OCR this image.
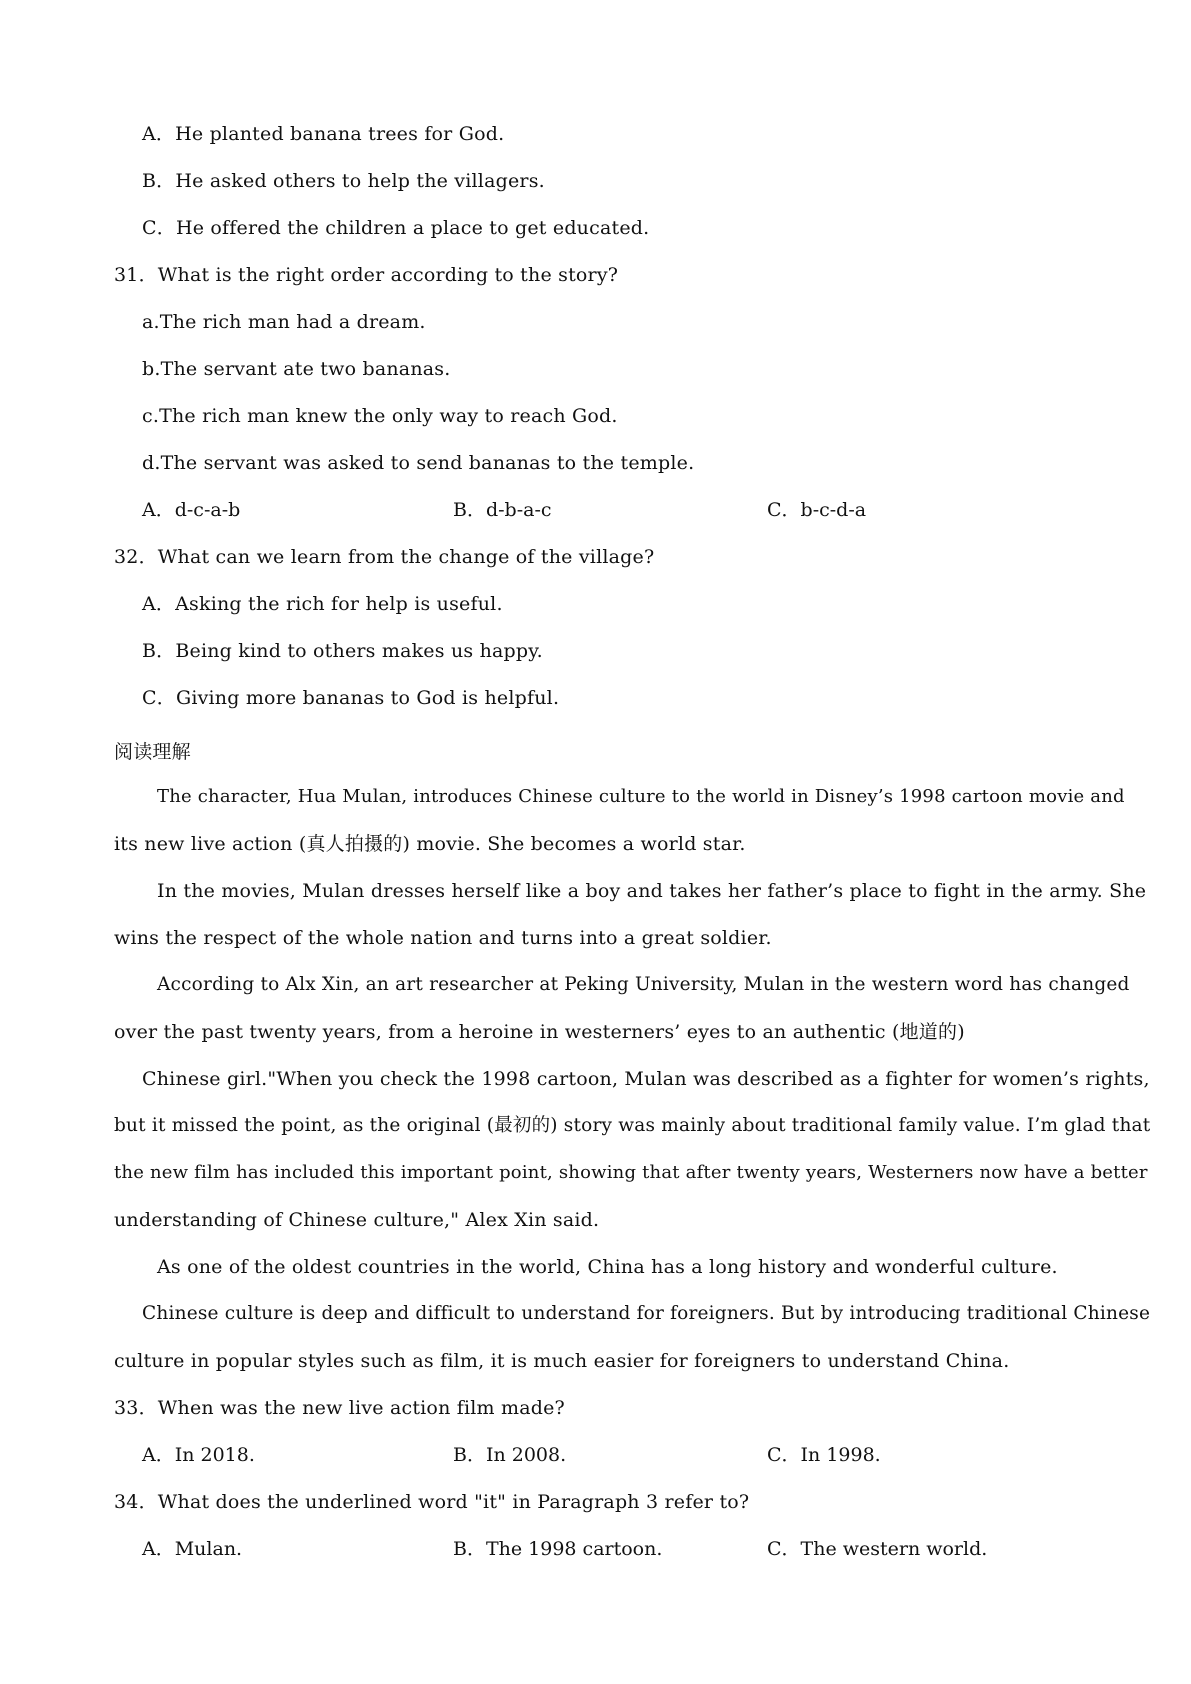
A．He planted banana trees for God.
B．He asked others to help the villagers.
C．He offered the children a place to get educated.
31．What is the right order according to the story?
a.The rich man had a dream.
b.The servant ate two bananas.
c.The rich man knew the only way to reach God.
d.The servant was asked to send bananas to the temple.
A．d-c-a-b	B．d-b-a-c	C．b-c-d-a
32．What can we learn from the change of the village?
A．Asking the rich for help is useful.
B．Being kind to others makes us happy.
C．Giving more bananas to God is helpful.
阅读理解
The character, Hua Mulan, introduces Chinese culture to the world in Disney’s 1998 cartoon movie and
its new live action (真人拍摄的) movie. She becomes a world star.
In the movies, Mulan dresses herself like a boy and takes her father’s place to fight in the army. She
wins the respect of the whole nation and turns into a great soldier.
According to Alx Xin, an art researcher at Peking University, Mulan in the western word has changed
over the past twenty years, from a heroine in westerners’ eyes to an authentic (地道的)
Chinese girl."When you check the 1998 cartoon, Mulan was described as a fighter for women’s rights,
but it missed the point, as the original (最初的) story was mainly about traditional family value. I’m glad that
the new film has included this important point, showing that after twenty years, Westerners now have a better
understanding of Chinese culture," Alex Xin said.
As one of the oldest countries in the world, China has a long history and wonderful culture.
Chinese culture is deep and difficult to understand for foreigners. But by introducing traditional Chinese
culture in popular styles such as film, it is much easier for foreigners to understand China.
33．When was the new live action film made?
A．In 2018.	B．In 2008.	C．In 1998.
34．What does the underlined word "it" in Paragraph 3 refer to?
A．Mulan.	B．The 1998 cartoon.	C．The western world.
